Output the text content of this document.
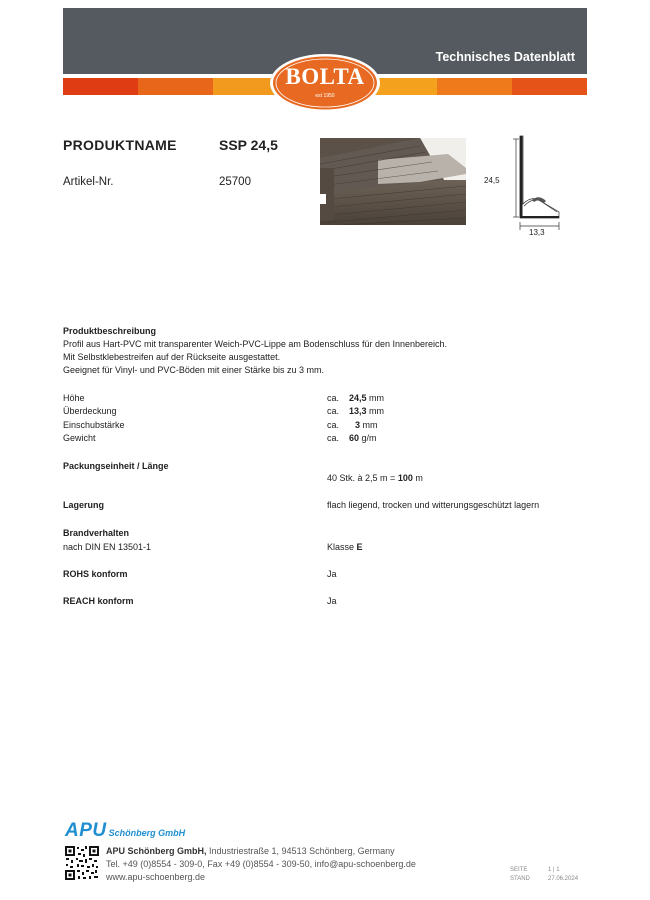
Technisches Datenblatt
BOLTA
est 1950
PRODUKTNAME	SSP 24,5
Artikel-Nr.	25700	24,5
13,3
Produktbeschreibung
Profil aus Hart-PVC mit transparenter Weich-PVC-Lippe am Bodenschluss für den Innenbereich.
Mit Selbstklebestreifen auf der Rückseite ausgestattet.
Geeignet für Vinyl- und PVC-Böden mit einer Stärke bis zu 3 mm.
Höhe	ca. 24,5 mm
Überdeckung	ca. 13,3 mm
Einschubstärke	ca. 3 mm
Gewicht	ca. 60 g/m
Packungseinheit / Länge
40 Stk. à 2,5 m = 100 m
Lagerung	flach liegend, trocken und witterungsgeschützt lagern
Brandverhalten
nach DIN EN 13501-1	Klasse E
ROHS konform	Ja
REACH konform	Ja
APU Schönberg GmbH
APU Schönberg GmbH, Industriestraße 1, 94513 Schönberg, Germany
Tel. +49 (0)8554 - 309-0, Fax +49 (0)8554 - 309-50, info@apu-schoenberg.de
www.apu-schoenberg.de
SEITE	1 | 1
STAND	27.06.2024
